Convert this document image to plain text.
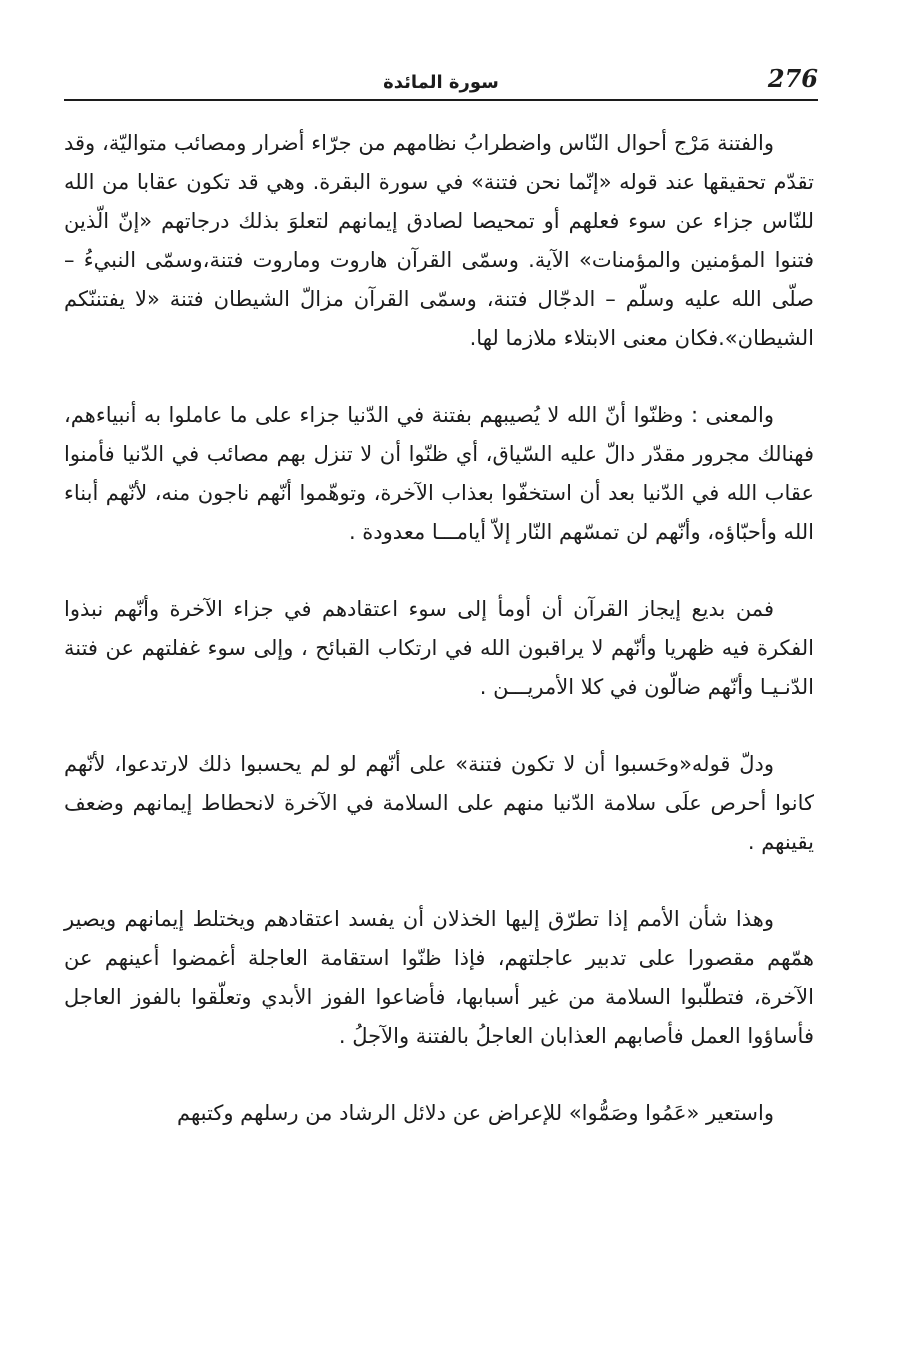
276
سورة المائدة

والفتنة مَرْج أحوال النّاس واضطرابُ نظامهم من جرّاء أضرار ومصائب متواليّة، وقد تقدّم تحقيقها عند قوله «إنّما نحن فتنة» في سورة البقرة. وهي قد تكون عقابا من الله للنّاس جزاء عن سوء فعلهم أو تمحيصا لصادق إيمانهم لتعلوَ بذلك درجاتهم «إنّ الّذين فتنوا المؤمنين والمؤمنات» الآية. وسمّى القرآن هاروت وماروت فتنة،وسمّى النبيءُ – صلّى الله عليه وسلّم – الدجّال فتنة، وسمّى القرآن مزالّ الشيطان فتنة «لا يفتننّكم الشيطان».فكان معنى الابتلاء ملازما لها.

والمعنى : وظنّوا أنّ الله لا يُصيبهم بفتنة في الدّنيا جزاء على ما عاملوا به أنبياءهم، فهنالك مجرور مقدّر دالّ عليه السّياق، أي ظنّوا أن لا تنزل بهم مصائب في الدّنيا فأمنوا عقاب الله في الدّنيا بعد أن استخفّوا بعذاب الآخرة، وتوهّموا أنّهم ناجون منه، لأنّهم أبناء الله وأحبّاؤه، وأنّهم لن تمسّهم النّار إلاّ أيامـــا معدودة .

فمن بديع إيجاز القرآن أن أومأ إلى سوء اعتقادهم في جزاء الآخرة وأنّهم نبذوا الفكرة فيه ظهريا وأنّهم لا يراقبون الله في ارتكاب القبائح ، وإلى سوء غفلتهم عن فتنة الدّنـيـا وأنّهم ضالّون في كلا الأمريـــن .

ودلّ قوله«وحَسبوا أن لا تكون فتنة» على أنّهم لو لم يحسبوا ذلك لارتدعوا، لأنّهم كانوا أحرص علَى سلامة الدّنيا منهم على السلامة في الآخرة لانحطاط إيمانهم وضعف يقينهم .

وهذا شأن الأمم إذا تطرّق إليها الخذلان أن يفسد اعتقادهم ويختلط إيمانهم ويصير همّهم مقصورا على تدبير عاجلتهم، فإذا ظنّوا استقامة العاجلة أغمضوا أعينهم عن الآخرة، فتطلّبوا السلامة من غير أسبابها، فأضاعوا الفوز الأبدي وتعلّقوا بالفوز العاجل فأساؤوا العمل فأصابهم العذابان العاجلُ بالفتنة والآجلُ .

واستعير «عَمُوا وصَمُّوا» للإعراض عن دلائل الرشاد من رسلهم وكتبهم
